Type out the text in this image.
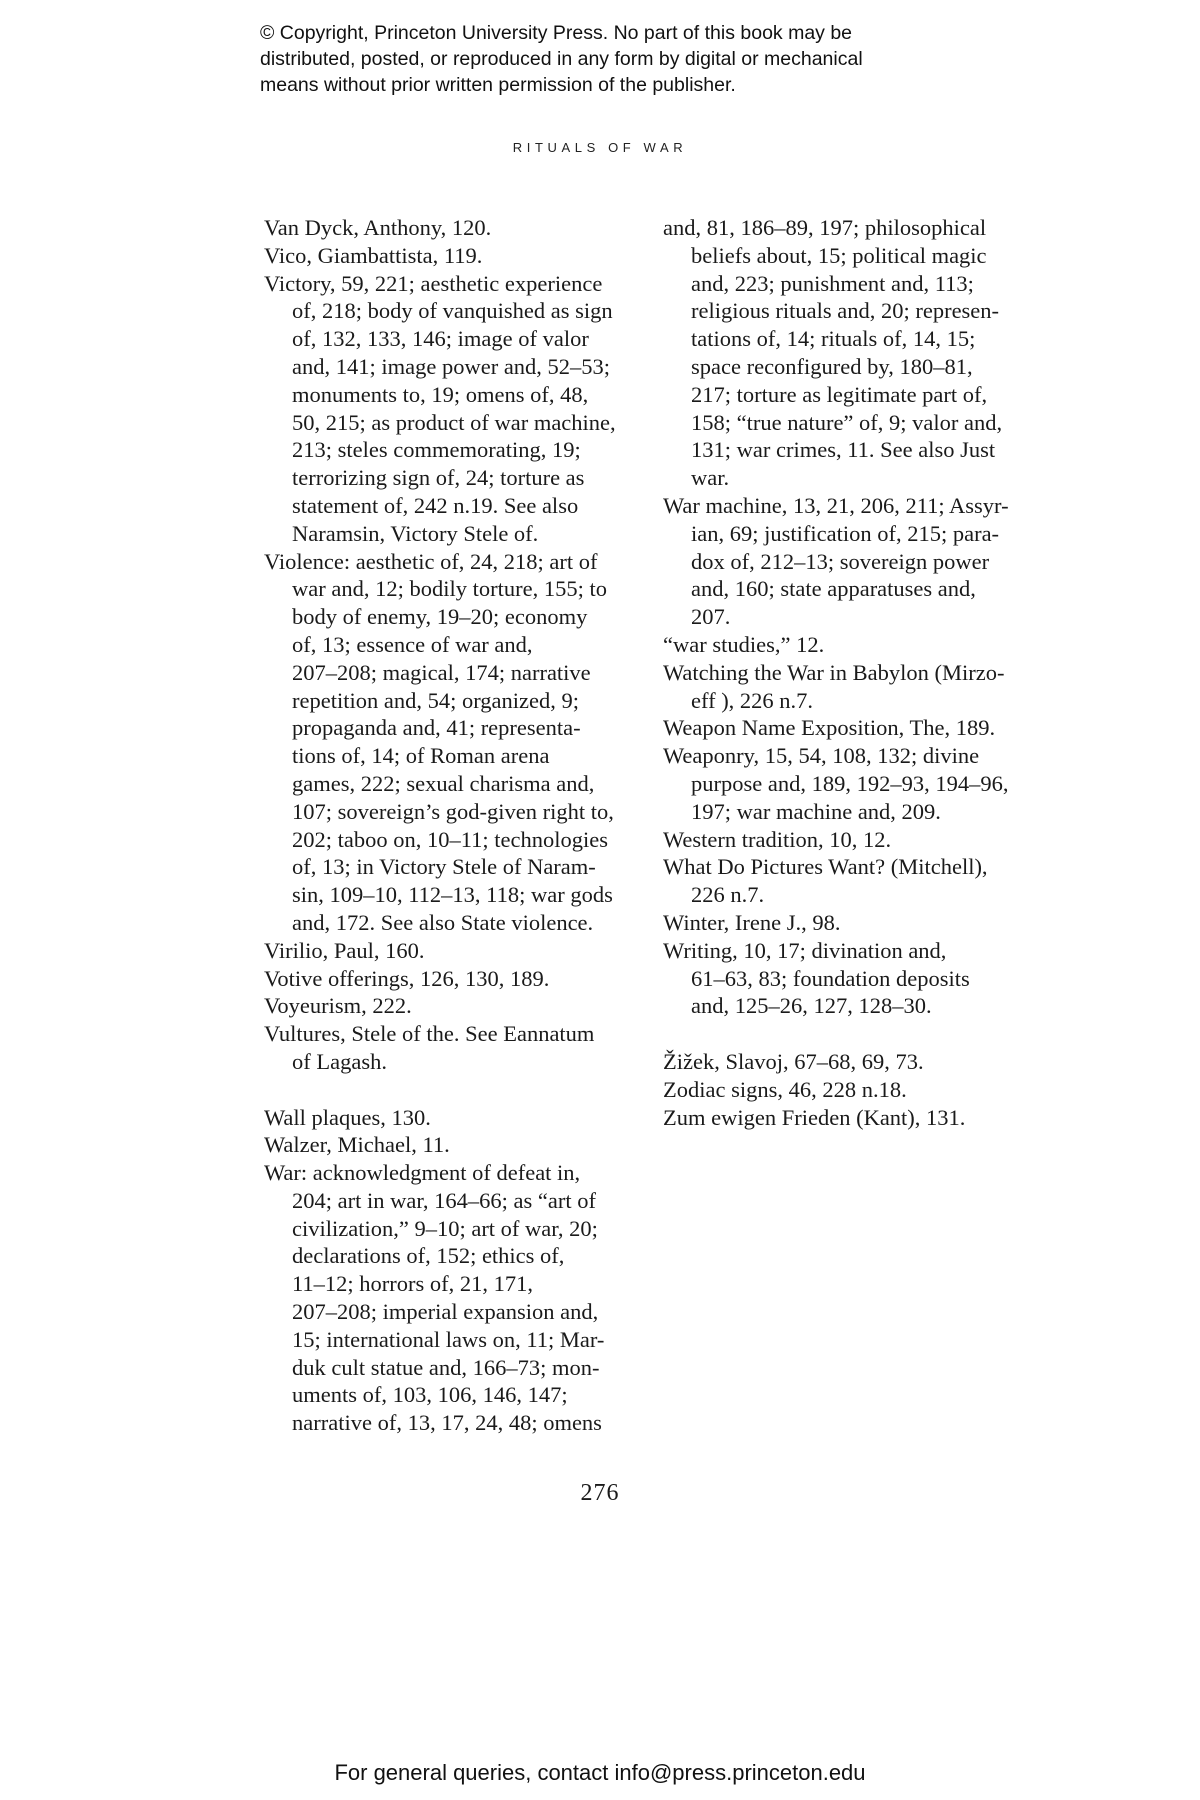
© Copyright, Princeton University Press. No part of this book may be
distributed, posted, or reproduced in any form by digital or mechanical
means without prior written permission of the publisher.
RITUALS OF WAR
Van Dyck, Anthony, 120.
Vico, Giambattista, 119.
Victory, 59, 221; aesthetic experience
of, 218; body of vanquished as sign
of, 132, 133, 146; image of valor
and, 141; image power and, 52–53;
monuments to, 19; omens of, 48,
50, 215; as product of war machine,
213; steles commemorating, 19;
terrorizing sign of, 24; torture as
statement of, 242 n.19. See also
Naramsin, Victory Stele of.
Violence: aesthetic of, 24, 218; art of
war and, 12; bodily torture, 155; to
body of enemy, 19–20; economy
of, 13; essence of war and,
207–208; magical, 174; narrative
repetition and, 54; organized, 9;
propaganda and, 41; representa-
tions of, 14; of Roman arena
games, 222; sexual charisma and,
107; sovereign’s god-given right to,
202; taboo on, 10–11; technologies
of, 13; in Victory Stele of Naram-
sin, 109–10, 112–13, 118; war gods
and, 172. See also State violence.
Virilio, Paul, 160.
Votive offerings, 126, 130, 189.
Voyeurism, 222.
Vultures, Stele of the. See Eannatum
of Lagash.
Wall plaques, 130.
Walzer, Michael, 11.
War: acknowledgment of defeat in,
204; art in war, 164–66; as “art of
civilization,” 9–10; art of war, 20;
declarations of, 152; ethics of,
11–12; horrors of, 21, 171,
207–208; imperial expansion and,
15; international laws on, 11; Mar-
duk cult statue and, 166–73; mon-
uments of, 103, 106, 146, 147;
narrative of, 13, 17, 24, 48; omens
and, 81, 186–89, 197; philosophical
beliefs about, 15; political magic
and, 223; punishment and, 113;
religious rituals and, 20; represen-
tations of, 14; rituals of, 14, 15;
space reconfigured by, 180–81,
217; torture as legitimate part of,
158; “true nature” of, 9; valor and,
131; war crimes, 11. See also Just
war.
War machine, 13, 21, 206, 211; Assyr-
ian, 69; justification of, 215; para-
dox of, 212–13; sovereign power
and, 160; state apparatuses and,
207.
“war studies,” 12.
Watching the War in Babylon (Mirzo-
eff ), 226 n.7.
Weapon Name Exposition, The, 189.
Weaponry, 15, 54, 108, 132; divine
purpose and, 189, 192–93, 194–96,
197; war machine and, 209.
Western tradition, 10, 12.
What Do Pictures Want? (Mitchell),
226 n.7.
Winter, Irene J., 98.
Writing, 10, 17; divination and,
61–63, 83; foundation deposits
and, 125–26, 127, 128–30.
Žižek, Slavoj, 67–68, 69, 73.
Zodiac signs, 46, 228 n.18.
Zum ewigen Frieden (Kant), 131.
276
For general queries, contact info@press.princeton.edu
